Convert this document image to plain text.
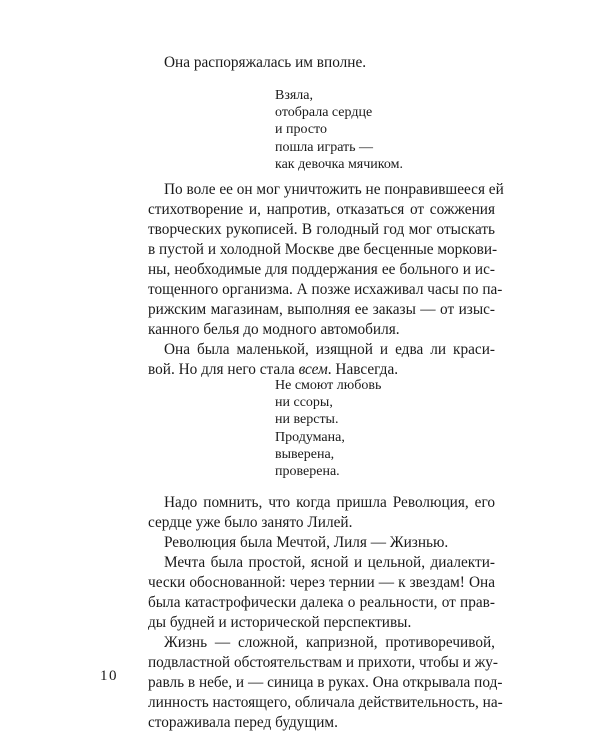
Она распоряжалась им вполне.
Взяла,
отобрала сердце
и просто
пошла играть —
как девочка мячиком.
По воле ее он мог уничтожить не понравившееся ей
стихотворение и, напротив, отказаться от сожжения
творческих рукописей. В голодный год мог отыскать
в пустой и холодной Москве две бесценные моркови-
ны, необходимые для поддержания ее больного и ис-
тощенного организма. А позже исхаживал часы по па-
рижским магазинам, выполняя ее заказы — от изыс-
канного белья до модного автомобиля.
Она была маленькой, изящной и едва ли краси-
вой. Но для него стала всем. Навсегда.
Не смоют любовь
ни ссоры,
ни версты.
Продумана,
выверена,
проверена.
Надо помнить, что когда пришла Революция, его
сердце уже было занято Лилей.
Революция была Мечтой, Лиля — Жизнью.
Мечта была простой, ясной и цельной, диалекти-
чески обоснованной: через тернии — к звездам! Она
была катастрофически далека о реальности, от прав-
ды будней и исторической перспективы.
Жизнь — сложной, капризной, противоречивой,
подвластной обстоятельствам и прихоти, чтобы и жу-
равль в небе, и — синица в руках. Она открывала под-
линность настоящего, обличала действительность, на-
стораживала перед будущим.
10
